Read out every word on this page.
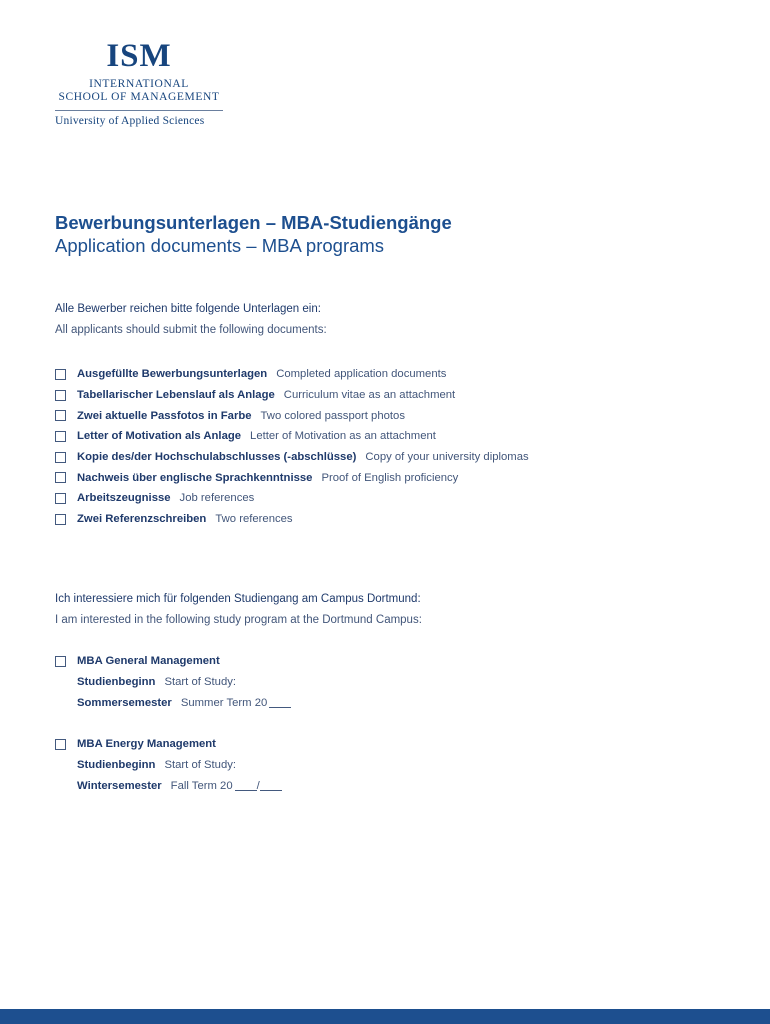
ISM
INTERNATIONAL
SCHOOL OF MANAGEMENT
University of Applied Sciences
Bewerbungsunterlagen – MBA-Studiengänge
Application documents – MBA programs
Alle Bewerber reichen bitte folgende Unterlagen ein:
All applicants should submit the following documents:
Ausgefüllte Bewerbungsunterlagen Completed application documents
Tabellarischer Lebenslauf als Anlage Curriculum vitae as an attachment
Zwei aktuelle Passfotos in Farbe Two colored passport photos
Letter of Motivation als Anlage Letter of Motivation as an attachment
Kopie des/der Hochschulabschlusses (-abschlüsse) Copy of your university diplomas
Nachweis über englische Sprachkenntnisse Proof of English proficiency
Arbeitszeugnisse Job references
Zwei Referenzschreiben Two references
Ich interessiere mich für folgenden Studiengang am Campus Dortmund:
I am interested in the following study program at the Dortmund Campus:
MBA General Management
Studienbeginn Start of Study:
Sommersemester Summer Term 20
MBA Energy Management
Studienbeginn Start of Study:
Wintersemester Fall Term 20 /
